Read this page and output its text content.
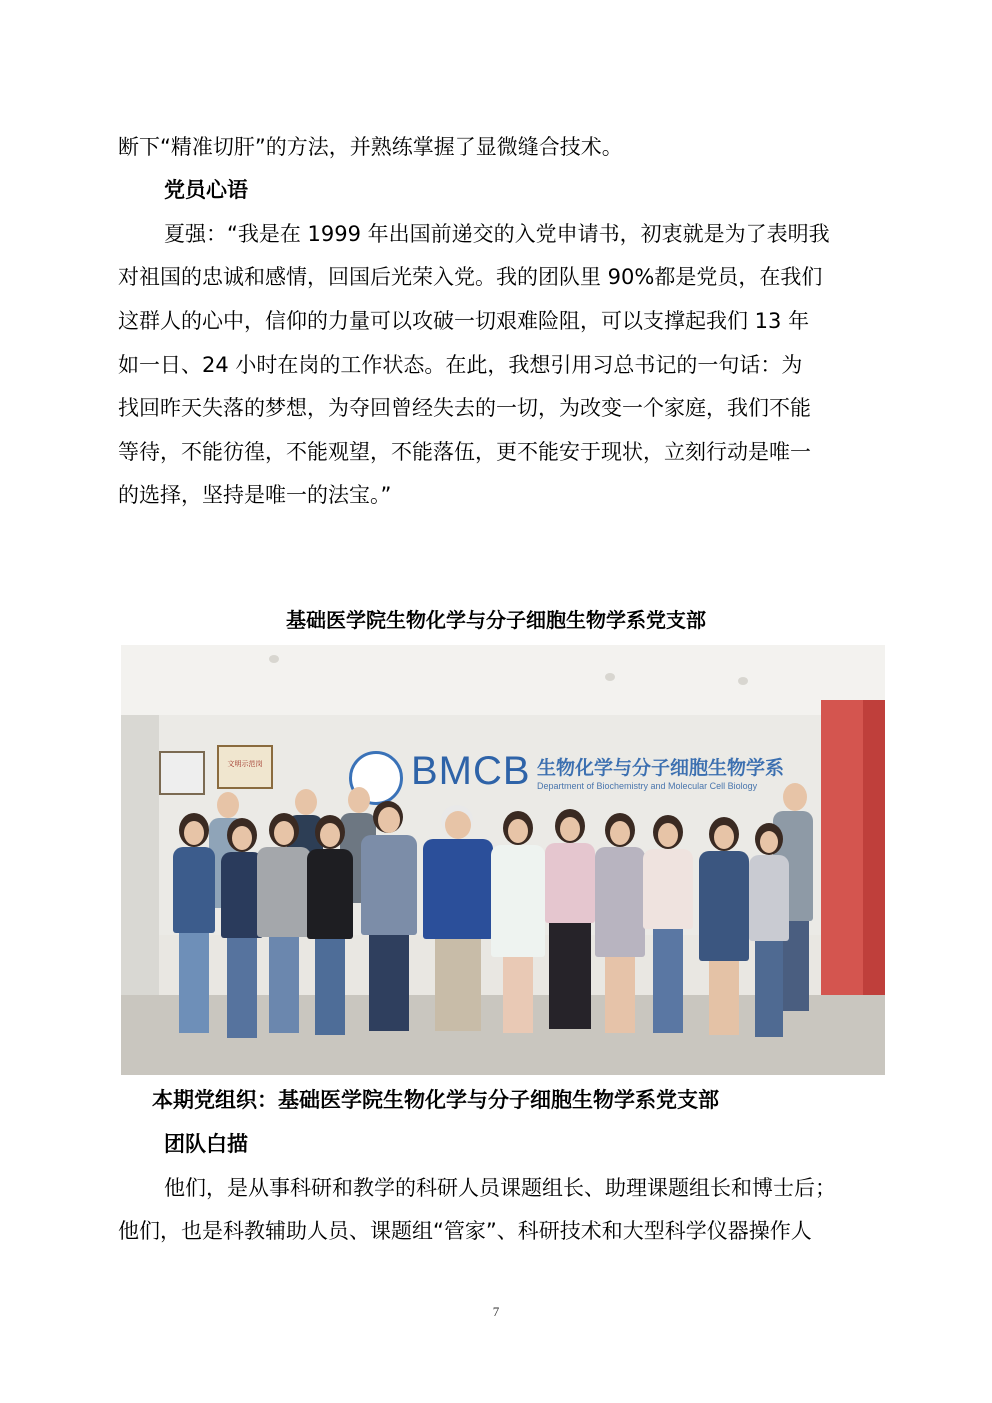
断下“精准切肝”的方法，并熟练掌握了显微缝合技术。
党员心语
夏强：“我是在 1999 年出国前递交的入党申请书，初衷就是为了表明我
对祖国的忠诚和感情，回国后光荣入党。我的团队里 90%都是党员，在我们
这群人的心中，信仰的力量可以攻破一切艰难险阻，可以支撑起我们 13 年
如一日、24 小时在岗的工作状态。在此，我想引用习总书记的一句话：为
找回昨天失落的梦想，为夺回曾经失去的一切，为改变一个家庭，我们不能
等待，不能彷徨，不能观望，不能落伍，更不能安于现状，立刻行动是唯一
的选择，坚持是唯一的法宝。”
基础医学院生物化学与分子细胞生物学系党支部
文明示范岗	BMCB 生物化学与分子细胞生物学系
Department of Biochemistry and Molecular Cell Biology
本期党组织：基础医学院生物化学与分子细胞生物学系党支部
团队白描
他们，是从事科研和教学的科研人员课题组长、助理课题组长和博士后；
他们，也是科教辅助人员、课题组“管家”、科研技术和大型科学仪器操作人
7
